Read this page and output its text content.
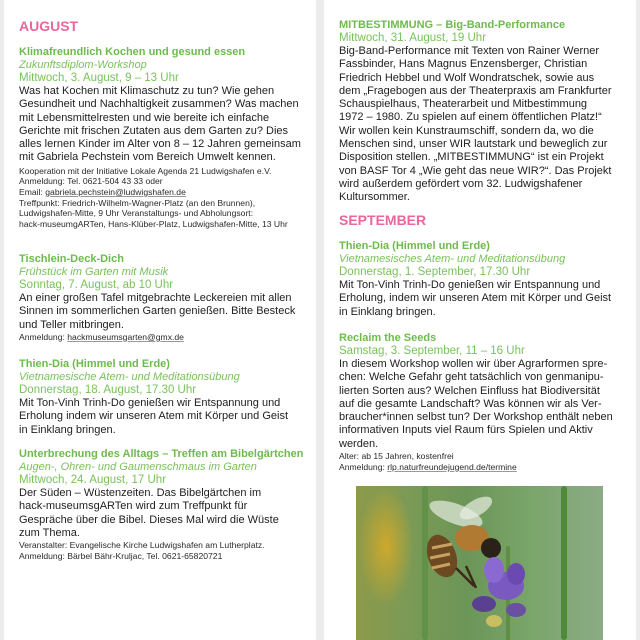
AUGUST
Klimafreundlich Kochen und gesund essen
Zukunftsdiplom-Workshop
Mittwoch, 3. August, 9 – 13 Uhr
Was hat Kochen mit Klimaschutz zu tun? Wie gehen
Gesundheit und Nachhaltigkeit zusammen? Was machen
mit Lebensmittelresten und wie bereite ich einfache
Gerichte mit frischen Zutaten aus dem Garten zu? Dies
alles lernen Kinder im Alter von 8 – 12 Jahren gemeinsam
mit Gabriela Pechstein vom Bereich Umwelt kennen.
Kooperation mit der Initiative Lokale Agenda 21 Ludwigshafen e.V.
Anmeldung: Tel. 0621-504 43 33 oder
Email: gabriela.pechstein@ludwigshafen.de
Treffpunkt: Friedrich-Wilhelm-Wagner-Platz (an den Brunnen),
Ludwigshafen-Mitte, 9 Uhr Veranstaltungs- und Abholungsort:
hack-museumgARTen, Hans-Klüber-Platz, Ludwigshafen-Mitte, 13 Uhr
Tischlein-Deck-Dich
Frühstück im Garten mit Musik
Sonntag, 7. August, ab 10 Uhr
An einer großen Tafel mitgebrachte Leckereien mit allen
Sinnen im sommerlichen Garten genießen. Bitte Besteck
und Teller mitbringen.
Anmeldung: hackmuseumsgarten@gmx.de
Thien-Dia (Himmel und Erde)
Vietnamesische Atem- und Meditationsübung
Donnerstag, 18. August, 17.30 Uhr
Mit Ton-Vinh Trinh-Do genießen wir Entspannung und
Erholung indem wir unseren Atem mit Körper und Geist
in Einklang bringen.
Unterbrechung des Alltags – Treffen am Bibelgärtchen
Augen-, Ohren- und Gaumenschmaus im Garten
Mittwoch, 24. August, 17 Uhr
Der Süden – Wüstenzeiten. Das Bibelgärtchen im
hack-museumsgARTen wird zum Treffpunkt für
Gespräche über die Bibel. Dieses Mal wird die Wüste
zum Thema.
Veranstalter: Evangelische Kirche Ludwigshafen am Lutherplatz.
Anmeldung: Bärbel Bähr-Kruljac, Tel. 0621-65820721
MITBESTIMMUNG – Big-Band-Performance
Mittwoch, 31. August, 19 Uhr
Big-Band-Performance mit Texten von Rainer Werner
Fassbinder, Hans Magnus Enzensberger, Christian
Friedrich Hebbel und Wolf Wondratschek, sowie aus
dem „Fragebogen aus der Theaterpraxis am Frankfurter
Schauspielhaus, Theaterarbeit und Mitbestimmung
1972 – 1980. Zu spielen auf einem öffentlichen Platz!“
Wir wollen kein Kunstraumschiff, sondern da, wo die
Menschen sind, unser WIR lautstark und beweglich zur
Disposition stellen. „MITBESTIMMUNG“ ist ein Projekt
von BASF Tor 4 „Wie geht das neue WIR?“. Das Projekt
wird außerdem gefördert vom 32. Ludwigshafener
Kultursommer.
SEPTEMBER
Thien-Dia (Himmel und Erde)
Vietnamesisches Atem- und Meditationsübung
Donnerstag, 1. September, 17.30 Uhr
Mit Ton-Vinh Trinh-Do genießen wir Entspannung und
Erholung, indem wir unseren Atem mit Körper und Geist
in Einklang bringen.
Reclaim the Seeds
Samstag, 3. September, 11 – 16 Uhr
In diesem Workshop wollen wir über Agrarformen spre-
chen: Welche Gefahr geht tatsächlich von genmanipu-
lierten Sorten aus? Welchen Einfluss hat Biodiversität
auf die gesamte Landschaft? Was können wir als Ver-
braucher*innen selbst tun? Der Workshop enthält neben
informativen Inputs viel Raum fürs Spielen und Aktiv
werden.
Alter: ab 15 Jahren, kostenfrei
Anmeldung: rlp.naturfreundejugend.de/termine
